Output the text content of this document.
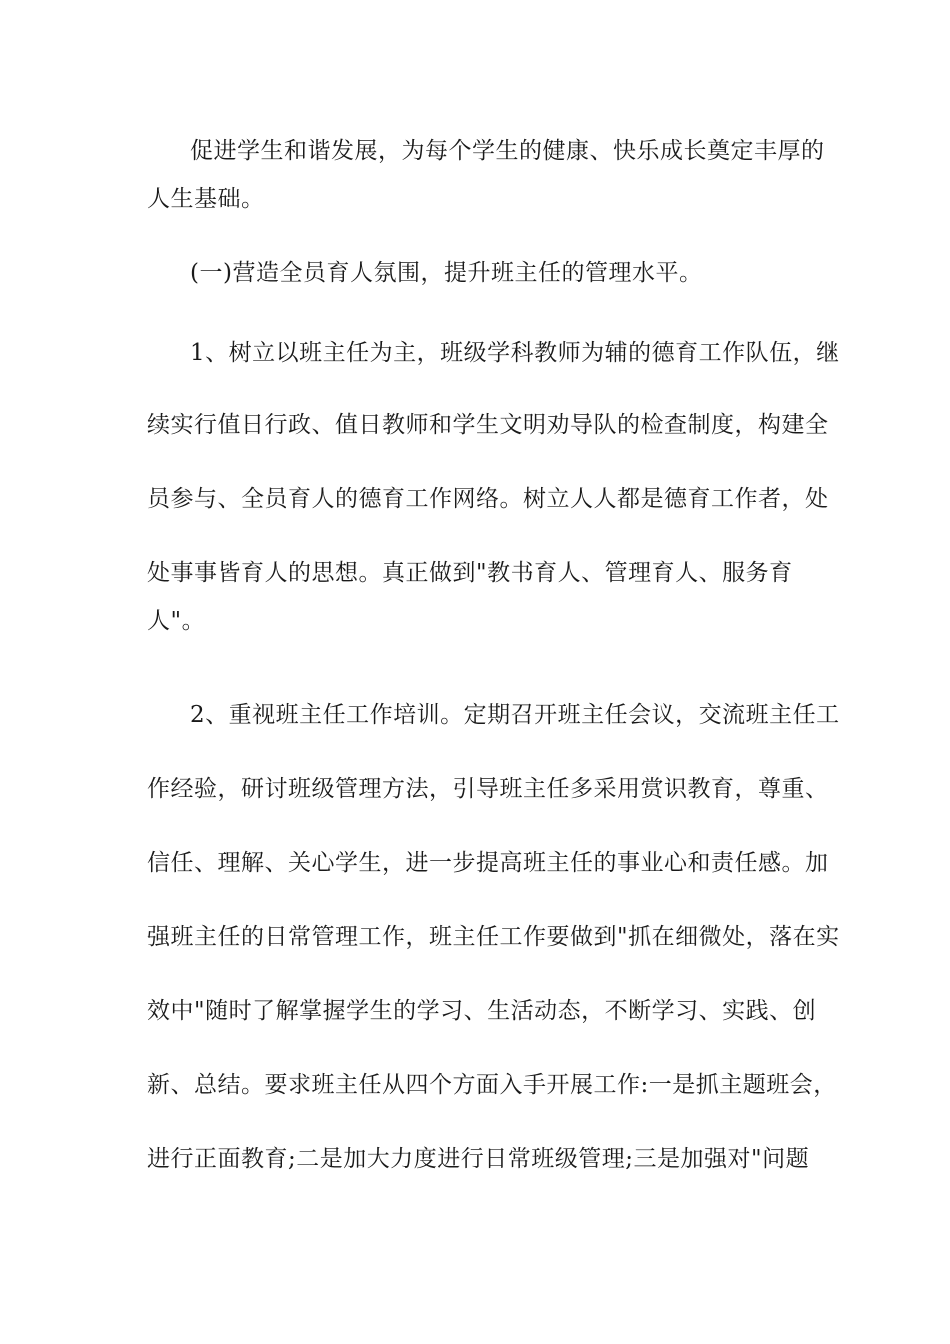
促进学生和谐发展，为每个学生的健康、快乐成长奠定丰厚的
人生基础。
(一)营造全员育人氛围，提升班主任的管理水平。
1、树立以班主任为主，班级学科教师为辅的德育工作队伍，继
续实行值日行政、值日教师和学生文明劝导队的检查制度，构建全
员参与、全员育人的德育工作网络。树立人人都是德育工作者，处
处事事皆育人的思想。真正做到"教书育人、管理育人、服务育
人"。
2、重视班主任工作培训。定期召开班主任会议，交流班主任工
作经验，研讨班级管理方法，引导班主任多采用赏识教育，尊重、
信任、理解、关心学生，进一步提高班主任的事业心和责任感。加
强班主任的日常管理工作，班主任工作要做到"抓在细微处，落在实
效中"随时了解掌握学生的学习、生活动态，不断学习、实践、创
新、总结。要求班主任从四个方面入手开展工作:一是抓主题班会，
进行正面教育;二是加大力度进行日常班级管理;三是加强对"问题
